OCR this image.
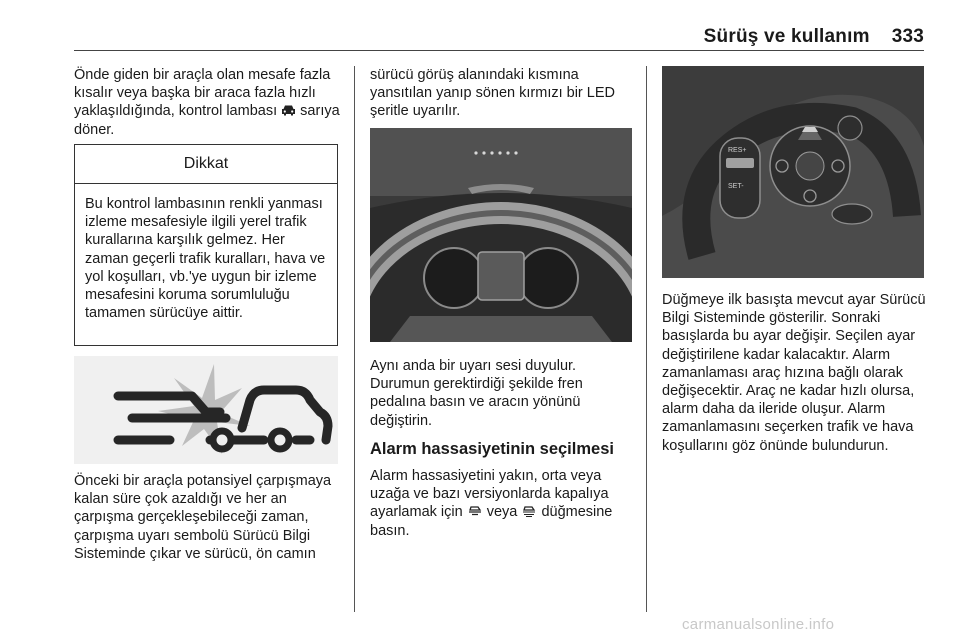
Sürüş ve kullanım 333

Önde giden bir araçla olan mesafe fazla kısalır veya başka bir araca fazla hızlı yaklaşıldığında, kontrol lambası sarıya döner.

Dikkat
Bu kontrol lambasının renkli yanması izleme mesafesiyle ilgili yerel trafik kurallarına karşılık gelmez. Her zaman geçerli trafik kuralları, hava ve yol koşulları, vb.'ye uygun bir izleme mesafesini koruma sorumluluğu tamamen sürücüye aittir.

Önceki bir araçla potansiyel çarpışmaya kalan süre çok azaldığı ve her an çarpışma gerçekleşebileceği zaman, çarpışma uyarı sembolü Sürücü Bilgi Sisteminde çıkar ve sürücü, ön camın

sürücü görüş alanındaki kısmına yansıtılan yanıp sönen kırmızı bir LED şeritle uyarılır.

Aynı anda bir uyarı sesi duyulur. Durumun gerektirdiği şekilde fren pedalına basın ve aracın yönünü değiştirin.

Alarm hassasiyetinin seçilmesi

Alarm hassasiyetini yakın, orta veya uzağa ve bazı versiyonlarda kapalıya ayarlamak için veya düğmesine basın.

RES+
SET-

Düğmeye ilk basışta mevcut ayar Sürücü Bilgi Sisteminde gösterilir. Sonraki basışlarda bu ayar değişir. Seçilen ayar değiştirilene kadar kalacaktır. Alarm zamanlaması araç hızına bağlı olarak değişecektir. Araç ne kadar hızlı olursa, alarm daha da ileride oluşur. Alarm zamanlamasını seçerken trafik ve hava koşullarını göz önünde bulundurun.

carmanualsonline.info
